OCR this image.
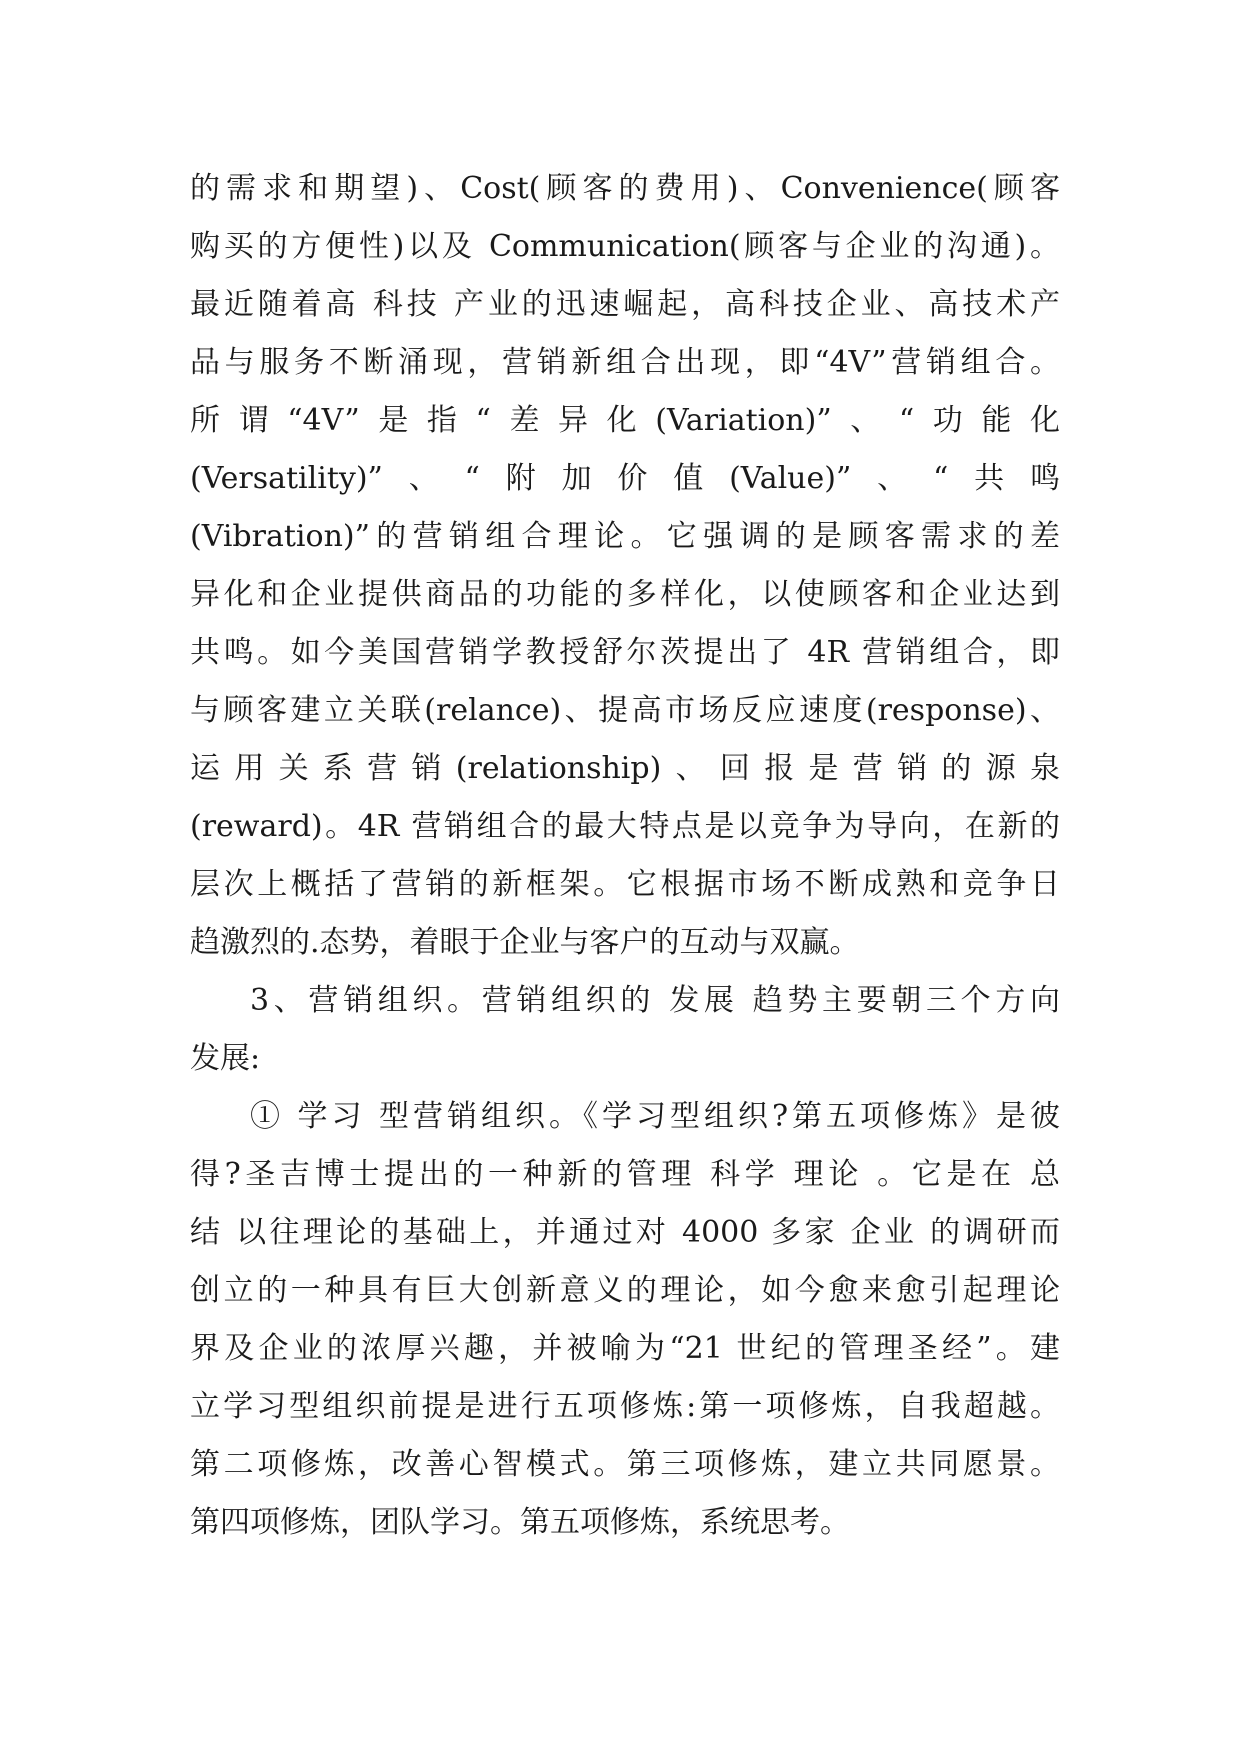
的需求和期望)、Cost(顾客的费用)、Convenience(顾客
购买的方便性)以及 Communication(顾客与企业的沟通)。
最近随着高 科技 产业的迅速崛起，高科技企业、高技术产
品与服务不断涌现，营销新组合出现，即“4V”营销组合。
所谓“4V”是指“差异化(Variation)”、“功能化
(Versatility)”、“附加价值(Value)”、“共鸣
(Vibration)”的营销组合理论。它强调的是顾客需求的差
异化和企业提供商品的功能的多样化，以使顾客和企业达到
共鸣。如今美国营销学教授舒尔茨提出了 4R 营销组合，即
与顾客建立关联(relance)、提高市场反应速度(response)、
运用关系营销(relationship)、回报是营销的源泉
(reward)。4R 营销组合的最大特点是以竞争为导向，在新的
层次上概括了营销的新框架。它根据市场不断成熟和竞争日
趋激烈的.态势，着眼于企业与客户的互动与双赢。
3、营销组织。营销组织的 发展 趋势主要朝三个方向
发展:
① 学习 型营销组织。《学习型组织?第五项修炼》是彼
得?圣吉博士提出的一种新的管理 科学 理论 。它是在 总
结 以往理论的基础上，并通过对 4000 多家 企业 的调研而
创立的一种具有巨大创新意义的理论，如今愈来愈引起理论
界及企业的浓厚兴趣，并被喻为“21 世纪的管理圣经”。建
立学习型组织前提是进行五项修炼:第一项修炼，自我超越。
第二项修炼，改善心智模式。第三项修炼，建立共同愿景。
第四项修炼，团队学习。第五项修炼，系统思考。
